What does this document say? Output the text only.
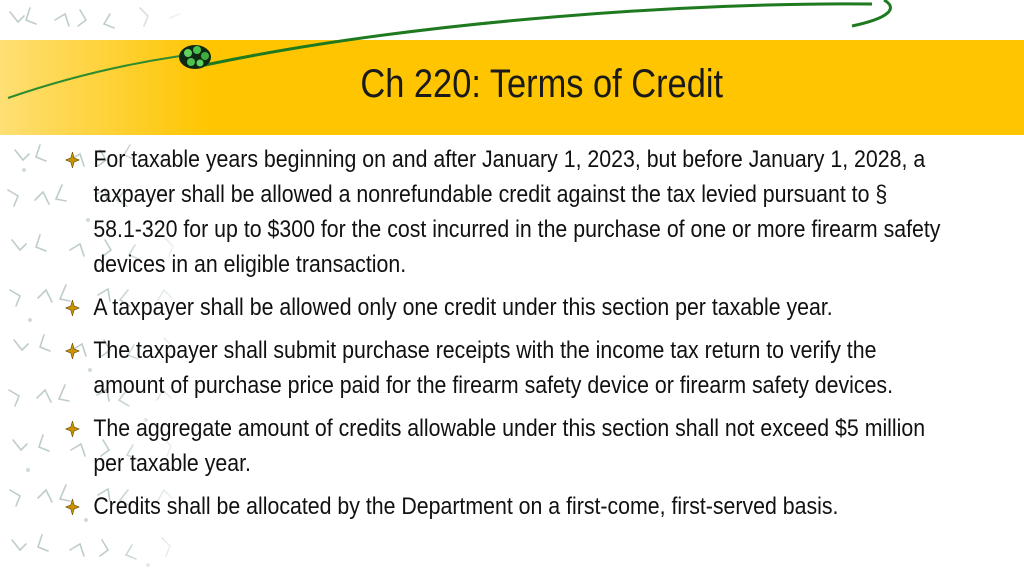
Ch 220: Terms of Credit
For taxable years beginning on and after January 1, 2023, but before January 1, 2028, a taxpayer shall be allowed a nonrefundable credit against the tax levied pursuant to § 58.1-320 for up to $300 for the cost incurred in the purchase of one or more firearm safety devices in an eligible transaction.
A taxpayer shall be allowed only one credit under this section per taxable year.
The taxpayer shall submit purchase receipts with the income tax return to verify the amount of purchase price paid for the firearm safety device or firearm safety devices.
The aggregate amount of credits allowable under this section shall not exceed $5 million per taxable year.
Credits shall be allocated by the Department on a first-come, first-served basis.
